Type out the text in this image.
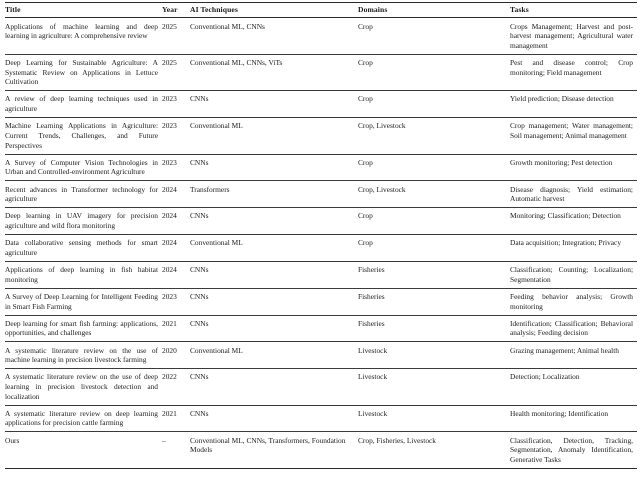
Title	Year	AI Techniques	Domains	Tasks
Applications of machine learning and deep learning in agriculture: A comprehensive review	2025	Conventional ML, CNNs	Crop	Crops Management; Harvest and post-harvest management; Agricultural water management
Deep Learning for Sustainable Agriculture: A Systematic Review on Applications in Lettuce Cultivation	2025	Conventional ML, CNNs, ViTs	Crop	Pest and disease control; Crop monitoring; Field management
A review of deep learning techniques used in agriculture	2023	CNNs	Crop	Yield prediction; Disease detection
Machine Learning Applications in Agriculture: Current Trends, Challenges, and Future Perspectives	2023	Conventional ML	Crop, Livestock	Crop management; Water management; Soil management; Animal management
A Survey of Computer Vision Technologies in Urban and Controlled-environment Agriculture	2023	CNNs	Crop	Growth monitoring; Pest detection
Recent advances in Transformer technology for agriculture	2024	Transformers	Crop, Livestock	Disease diagnosis; Yield estimation; Automatic harvest
Deep learning in UAV imagery for precision agriculture and wild flora monitoring	2024	CNNs	Crop	Monitoring; Classification; Detection
Data collaborative sensing methods for smart agriculture	2024	Conventional ML	Crop	Data acquisition; Integration; Privacy
Applications of deep learning in fish habitat monitoring	2024	CNNs	Fisheries	Classification; Counting; Localization; Segmentation
A Survey of Deep Learning for Intelligent Feeding in Smart Fish Farming	2023	CNNs	Fisheries	Feeding behavior analysis; Growth monitoring
Deep learning for smart fish farming: applications, opportunities, and challenges	2021	CNNs	Fisheries	Identification; Classification; Behavioral analysis; Feeding decision
A systematic literature review on the use of machine learning in precision livestock farming	2020	Conventional ML	Livestock	Grazing management; Animal health
A systematic literature review on the use of deep learning in precision livestock detection and localization	2022	CNNs	Livestock	Detection; Localization
A systematic literature review on deep learning applications for precision cattle farming	2021	CNNs	Livestock	Health monitoring; Identification
Ours	–	Conventional ML, CNNs, Transformers, Foundation Models	Crop, Fisheries, Livestock	Classification, Detection, Tracking, Segmentation, Anomaly Identification, Generative Tasks
